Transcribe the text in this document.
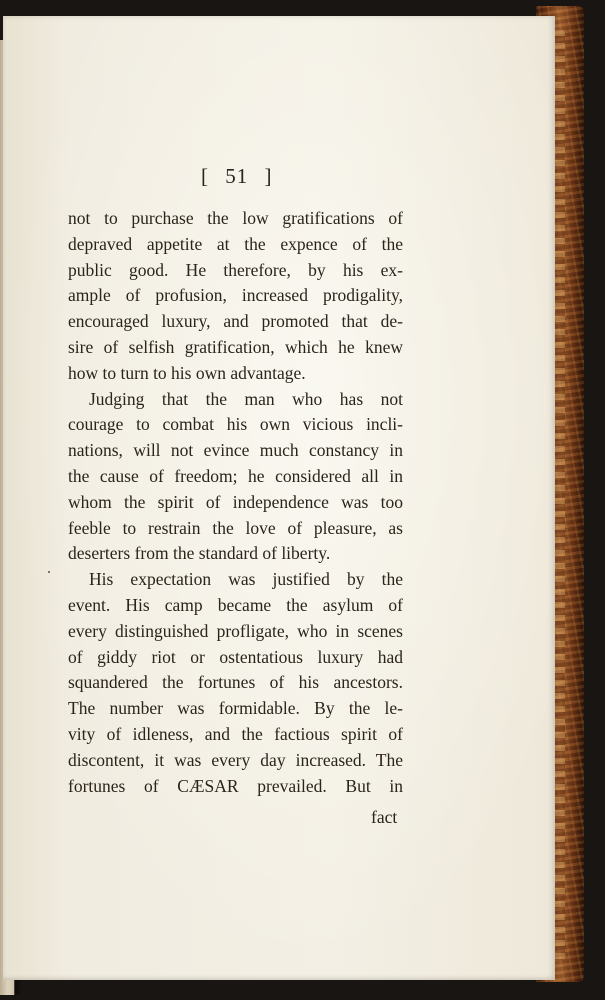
[ 51 ]
not to purchase the low gratifications of
depraved appetite at the expence of the
public good. He therefore, by his ex-
ample of profusion, increased prodigality,
encouraged luxury, and promoted that de-
sire of selfish gratification, which he knew
how to turn to his own advantage.
Judging that the man who has not
courage to combat his own vicious incli-
nations, will not evince much constancy in
the cause of freedom; he considered all in
whom the spirit of independence was too
feeble to restrain the love of pleasure, as
deserters from the standard of liberty.
His expectation was justified by the
event. His camp became the asylum of
every distinguished profligate, who in scenes
of giddy riot or ostentatious luxury had
squandered the fortunes of his ancestors.
The number was formidable. By the le-
vity of idleness, and the factious spirit of
discontent, it was every day increased. The
fortunes of CÆSAR prevailed. But in
fact
